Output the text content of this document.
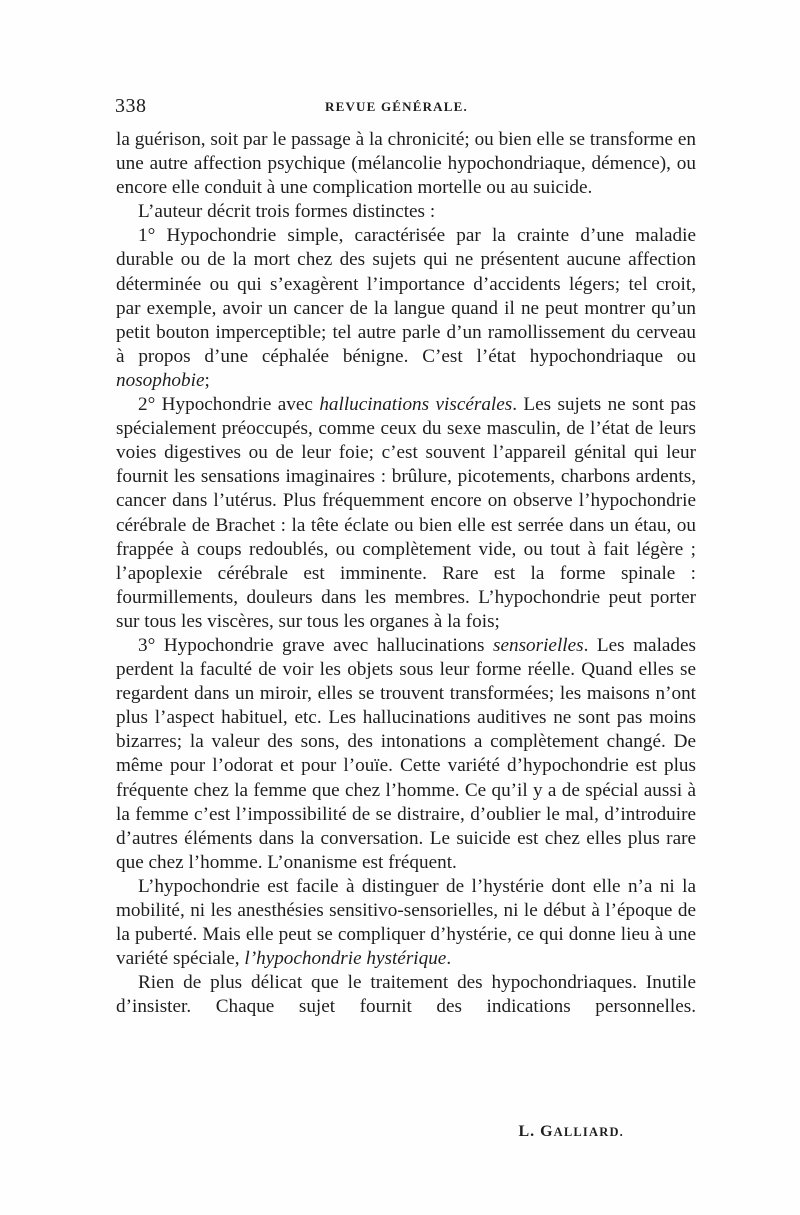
338	REVUE GÉNÉRALE.

la guérison, soit par le passage à la chronicité; ou bien elle se transforme en une autre affection psychique (mélancolie hypochondriaque, démence), ou encore elle conduit à une complication mortelle ou au suicide.

L’auteur décrit trois formes distinctes :

1° Hypochondrie simple, caractérisée par la crainte d’une maladie durable ou de la mort chez des sujets qui ne présentent aucune affection déterminée ou qui s’exagèrent l’importance d’accidents légers; tel croit, par exemple, avoir un cancer de la langue quand il ne peut montrer qu’un petit bouton imperceptible; tel autre parle d’un ramollissement du cerveau à propos d’une céphalée bénigne. C’est l’état hypochondriaque ou nosophobie;

2° Hypochondrie avec hallucinations viscérales. Les sujets ne sont pas spécialement préoccupés, comme ceux du sexe masculin, de l’état de leurs voies digestives ou de leur foie; c’est souvent l’appareil génital qui leur fournit les sensations imaginaires : brûlure, picotements, charbons ardents, cancer dans l’utérus. Plus fréquemment encore on observe l’hypochondrie cérébrale de Brachet : la tête éclate ou bien elle est serrée dans un étau, ou frappée à coups redoublés, ou complètement vide, ou tout à fait légère ; l’apoplexie cérébrale est imminente. Rare est la forme spinale : fourmillements, douleurs dans les membres. L’hypochondrie peut porter sur tous les viscères, sur tous les organes à la fois;

3° Hypochondrie grave avec hallucinations sensorielles. Les malades perdent la faculté de voir les objets sous leur forme réelle. Quand elles se regardent dans un miroir, elles se trouvent transformées; les maisons n’ont plus l’aspect habituel, etc. Les hallucinations auditives ne sont pas moins bizarres; la valeur des sons, des intonations a complètement changé. De même pour l’odorat et pour l’ouïe. Cette variété d’hypochondrie est plus fréquente chez la femme que chez l’homme. Ce qu’il y a de spécial aussi à la femme c’est l’impossibilité de se distraire, d’oublier le mal, d’introduire d’autres éléments dans la conversation. Le suicide est chez elles plus rare que chez l’homme. L’onanisme est fréquent.

L’hypochondrie est facile à distinguer de l’hystérie dont elle n’a ni la mobilité, ni les anesthésies sensitivo-sensorielles, ni le début à l’époque de la puberté. Mais elle peut se compliquer d’hystérie, ce qui donne lieu à une variété spéciale, l’hypochondrie hystérique.

Rien de plus délicat que le traitement des hypochondriaques. Inutile d’insister. Chaque sujet fournit des indications personnelles.

L. GALLIARD.
